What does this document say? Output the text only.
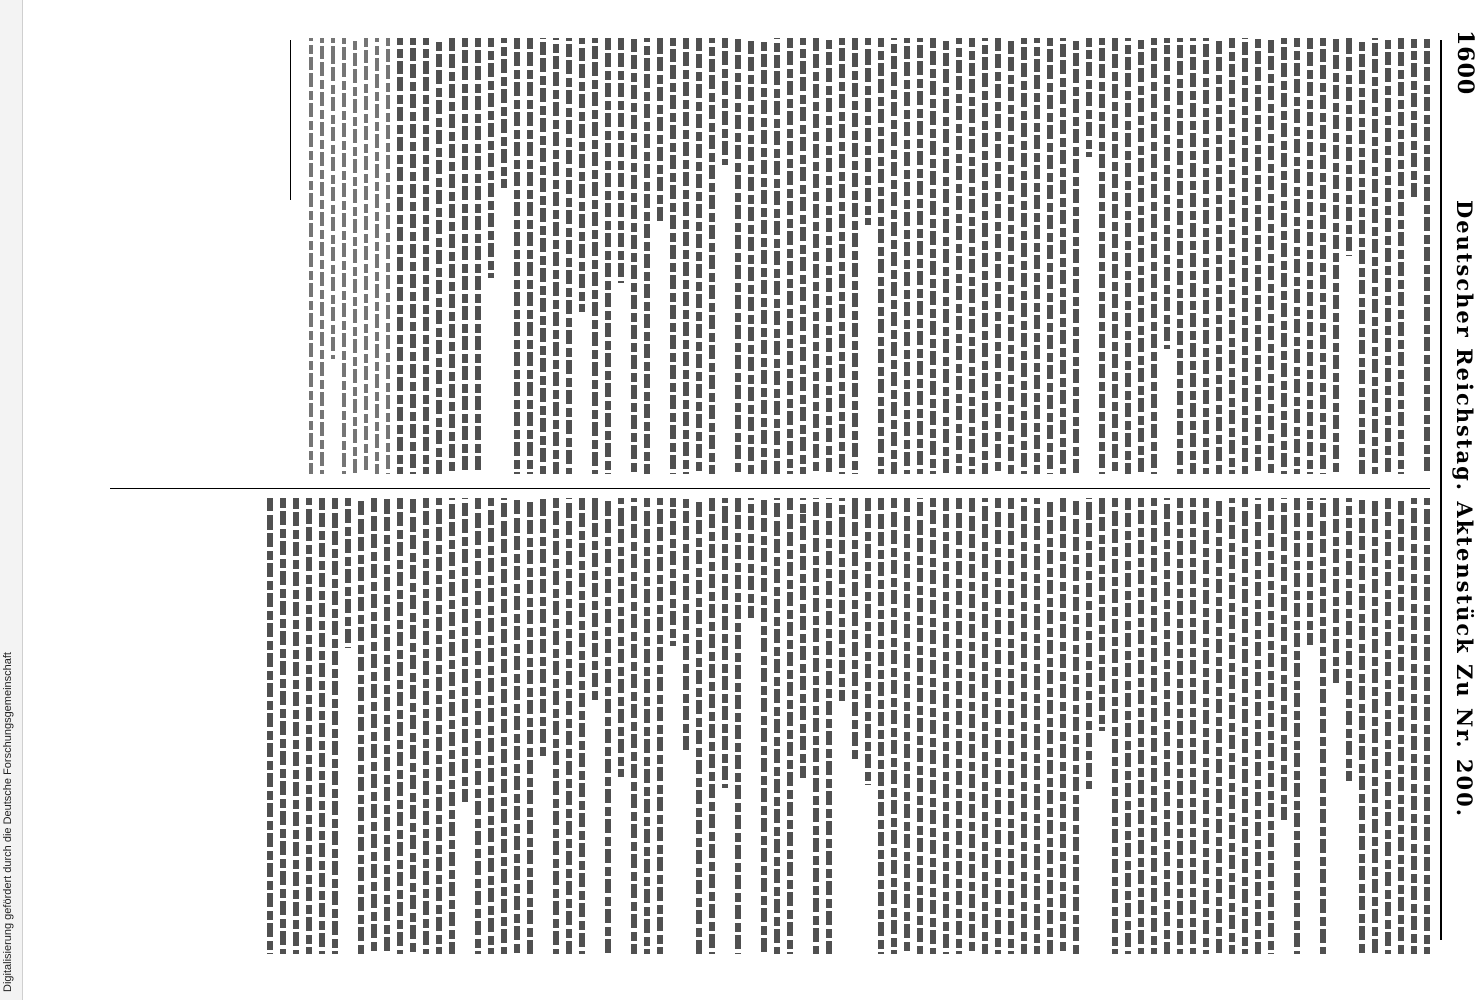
Digitalisierung gefördert durch die Deutsche Forschungsgemeinschaft
1600
Deutscher Reichstag. Aktenstück Zu Nr. 200.
